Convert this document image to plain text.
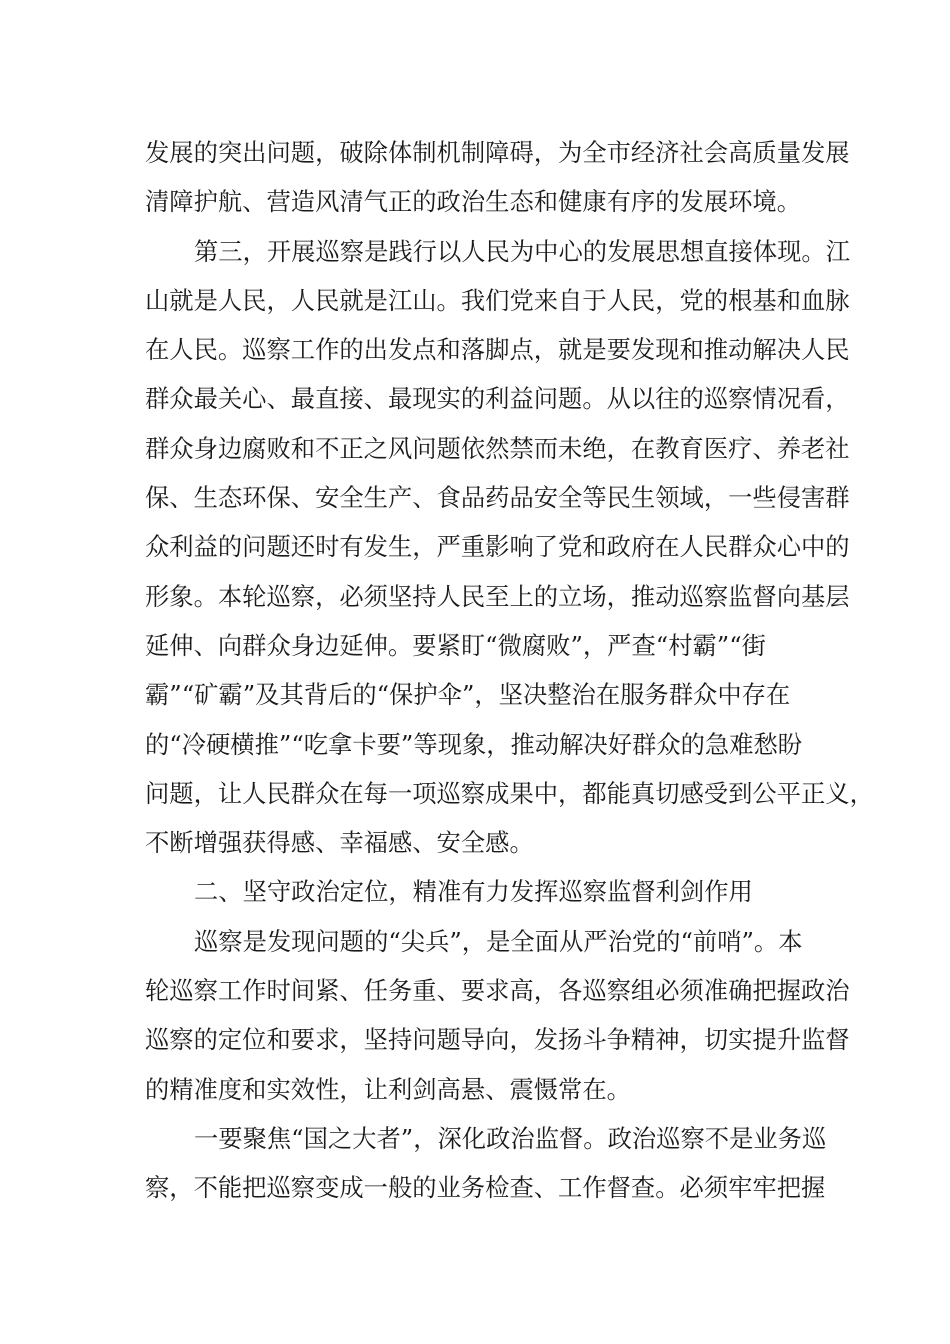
发展的突出问题，破除体制机制障碍，为全市经济社会高质量发展
清障护航、营造风清气正的政治生态和健康有序的发展环境。
第三，开展巡察是践行以人民为中心的发展思想直接体现。江
山就是人民，人民就是江山。我们党来自于人民，党的根基和血脉
在人民。巡察工作的出发点和落脚点，就是要发现和推动解决人民
群众最关心、最直接、最现实的利益问题。从以往的巡察情况看，
群众身边腐败和不正之风问题依然禁而未绝，在教育医疗、养老社
保、生态环保、安全生产、食品药品安全等民生领域，一些侵害群
众利益的问题还时有发生，严重影响了党和政府在人民群众心中的
形象。本轮巡察，必须坚持人民至上的立场，推动巡察监督向基层
延伸、向群众身边延伸。要紧盯“微腐败”，严查“村霸”“街
霸”“矿霸”及其背后的“保护伞”，坚决整治在服务群众中存在
的“冷硬横推”“吃拿卡要”等现象，推动解决好群众的急难愁盼
问题，让人民群众在每一项巡察成果中，都能真切感受到公平正义，
不断增强获得感、幸福感、安全感。
二、坚守政治定位，精准有力发挥巡察监督利剑作用
巡察是发现问题的“尖兵”，是全面从严治党的“前哨”。本
轮巡察工作时间紧、任务重、要求高，各巡察组必须准确把握政治
巡察的定位和要求，坚持问题导向，发扬斗争精神，切实提升监督
的精准度和实效性，让利剑高悬、震慑常在。
一要聚焦“国之大者”，深化政治监督。政治巡察不是业务巡
察，不能把巡察变成一般的业务检查、工作督查。必须牢牢把握
